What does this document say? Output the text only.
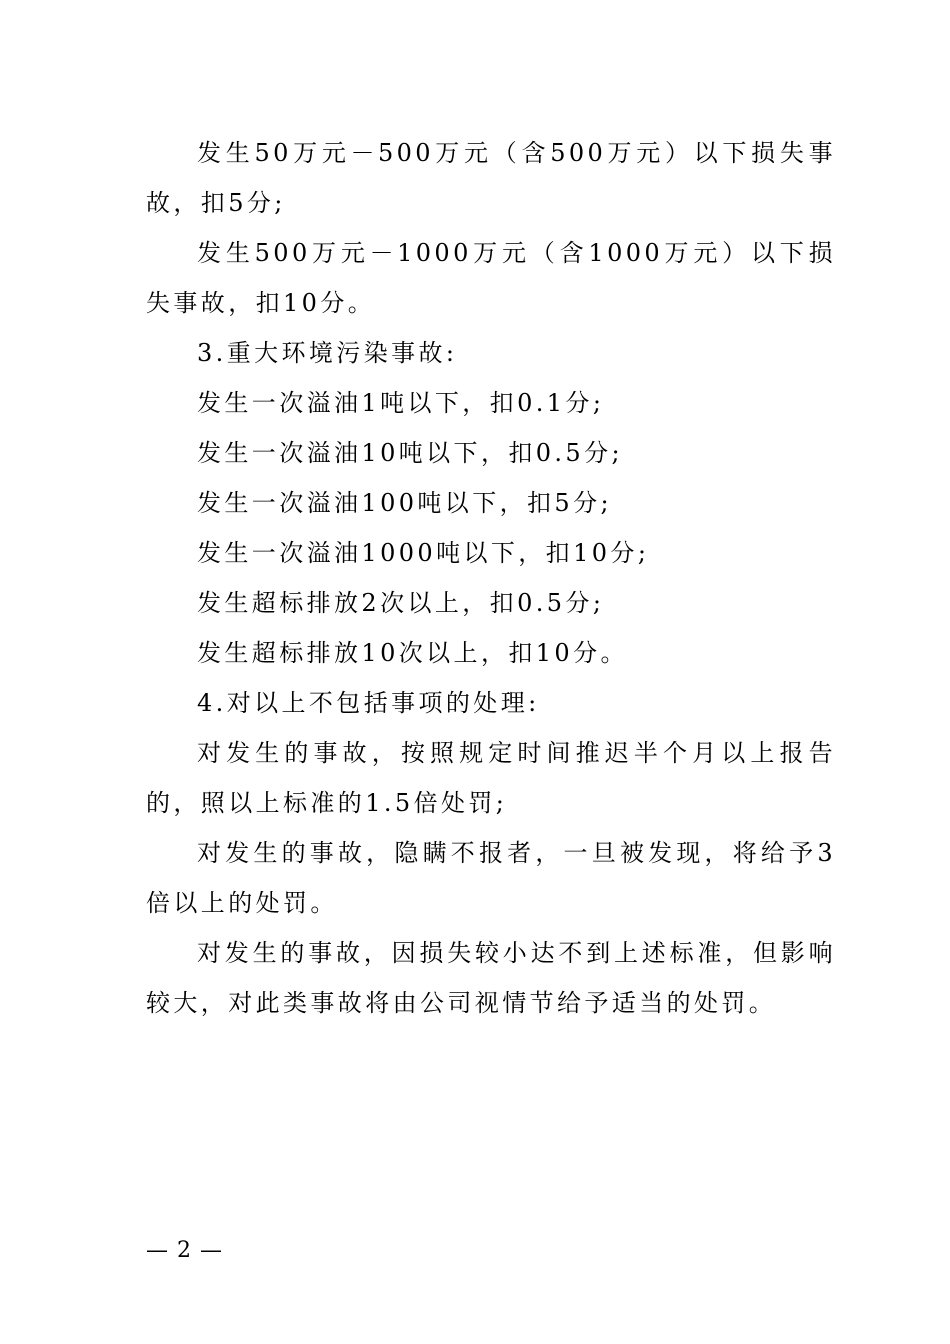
发生50万元－500万元（含500万元）以下损失事故，扣5分;

发生500万元－1000万元（含1000万元）以下损失事故，扣10分。

3.重大环境污染事故:

发生一次溢油1吨以下，扣0.1分;

发生一次溢油10吨以下，扣0.5分;

发生一次溢油100吨以下，扣5分;

发生一次溢油1000吨以下，扣10分;

发生超标排放2次以上，扣0.5分;

发生超标排放10次以上，扣10分。

4.对以上不包括事项的处理:

对发生的事故，按照规定时间推迟半个月以上报告的，照以上标准的1.5倍处罚;

对发生的事故，隐瞒不报者，一旦被发现，将给予3倍以上的处罚。

对发生的事故，因损失较小达不到上述标准，但影响较大，对此类事故将由公司视情节给予适当的处罚。

— 2 —
